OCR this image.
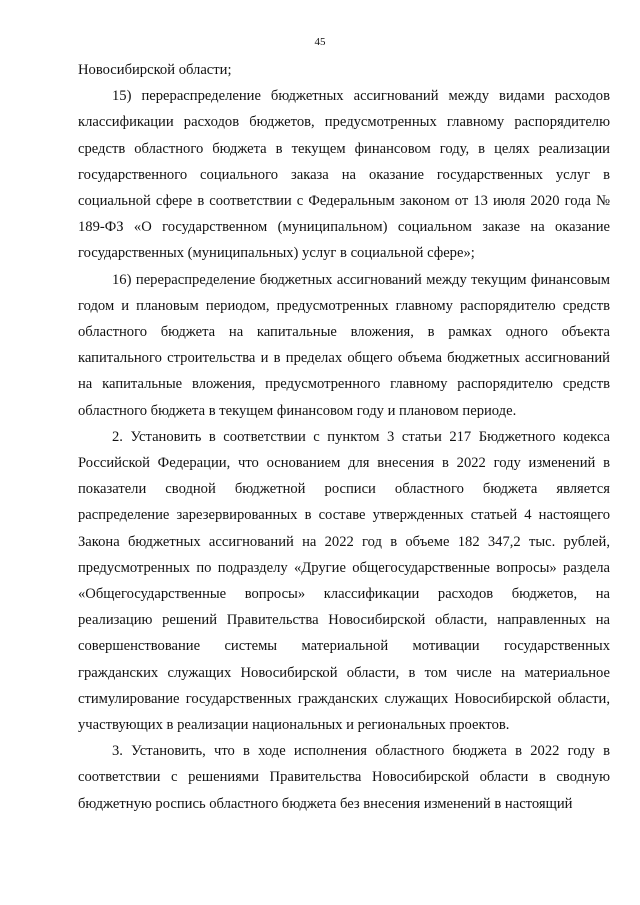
45

Новосибирской области;

15) перераспределение бюджетных ассигнований между видами расходов классификации расходов бюджетов, предусмотренных главному распорядителю средств областного бюджета в текущем финансовом году, в целях реализации государственного социального заказа на оказание государственных услуг в социальной сфере в соответствии с Федеральным законом от 13 июля 2020 года № 189-ФЗ «О государственном (муниципальном) социальном заказе на оказание государственных (муниципальных) услуг в социальной сфере»;

16) перераспределение бюджетных ассигнований между текущим финансовым годом и плановым периодом, предусмотренных главному распорядителю средств областного бюджета на капитальные вложения, в рамках одного объекта капитального строительства и в пределах общего объема бюджетных ассигнований на капитальные вложения, предусмотренного главному распорядителю средств областного бюджета в текущем финансовом году и плановом периоде.

2. Установить в соответствии с пунктом 3 статьи 217 Бюджетного кодекса Российской Федерации, что основанием для внесения в 2022 году изменений в показатели сводной бюджетной росписи областного бюджета является распределение зарезервированных в составе утвержденных статьей 4 настоящего Закона бюджетных ассигнований на 2022 год в объеме 182 347,2 тыс. рублей, предусмотренных по подразделу «Другие общегосударственные вопросы» раздела «Общегосударственные вопросы» классификации расходов бюджетов, на реализацию решений Правительства Новосибирской области, направленных на совершенствование системы материальной мотивации государственных гражданских служащих Новосибирской области, в том числе на материальное стимулирование государственных гражданских служащих Новосибирской области, участвующих в реализации национальных и региональных проектов.

3. Установить, что в ходе исполнения областного бюджета в 2022 году в соответствии с решениями Правительства Новосибирской области в сводную бюджетную роспись областного бюджета без внесения изменений в настоящий
